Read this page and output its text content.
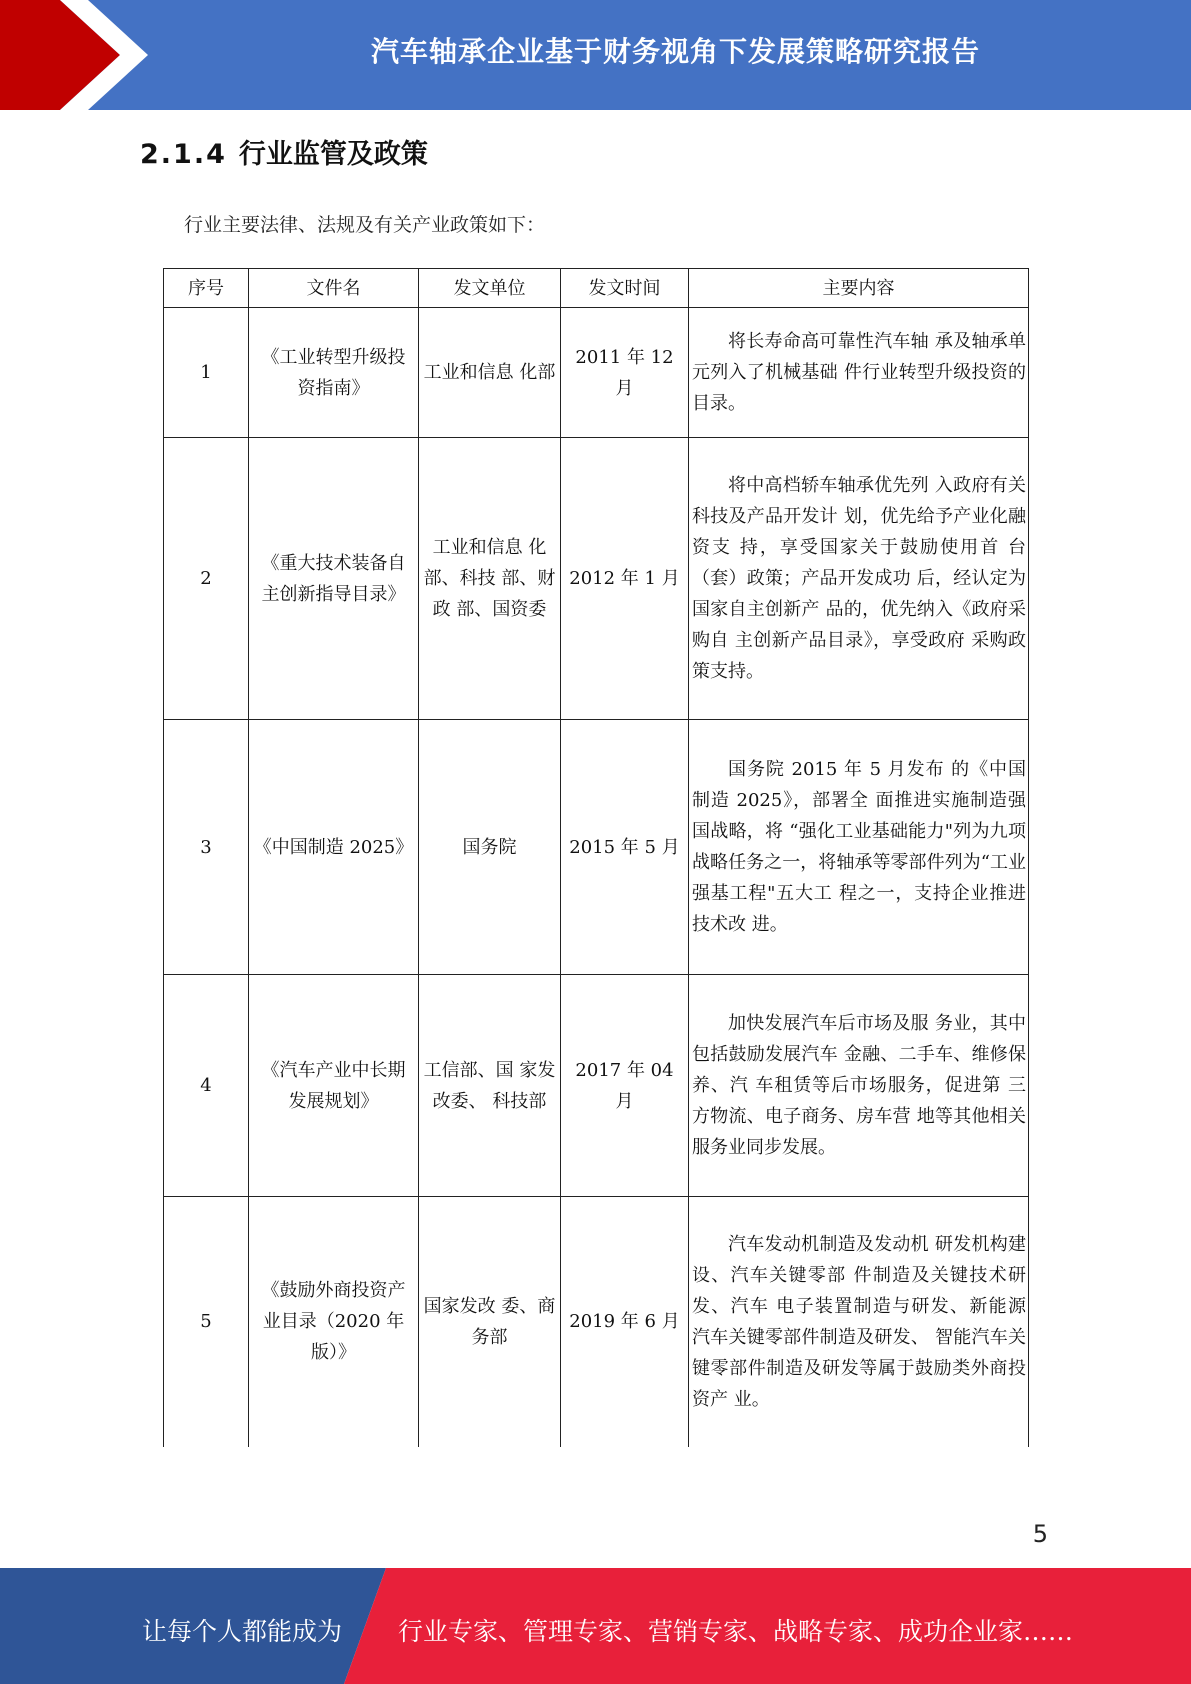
汽车轴承企业基于财务视角下发展策略研究报告
2.1.4 行业监管及政策
行业主要法律、法规及有关产业政策如下：
序号	文件名	发文单位	发文时间	主要内容
1	《工业转型升级投资指南》	工业和信息 化部	2011 年 12 月	将长寿命高可靠性汽车轴 承及轴承单元列入了机械基础 件行业转型升级投资的目录。

2	《重大技术装备自主创新指导目录》	工业和信息 化部、科技 部、财政 部、国资委	2012 年 1 月	将中高档轿车轴承优先列 入政府有关科技及产品开发计 划，优先给予产业化融资支 持，享受国家关于鼓励使用首 台（套）政策；产品开发成功 后，经认定为国家自主创新产 品的，优先纳入《政府采购自 主创新产品目录》，享受政府 采购政策支持。

3	《中国制造 2025》	国务院	2015 年 5 月	国务院 2015 年 5 月发布 的《中国制造 2025》，部署全 面推进实施制造强国战略，将 “强化工业基础能力"列为九项 战略任务之一，将轴承等零部件列为“工业强基工程"五大工 程之一，支持企业推进技术改 进。

4	《汽车产业中长期发展规划》	工信部、国 家发改委、 科技部	2017 年 04 月	加快发展汽车后市场及服 务业，其中包括鼓励发展汽车 金融、二手车、维修保养、汽 车租赁等后市场服务，促进第 三方物流、电子商务、房车营 地等其他相关服务业同步发展。

5	《鼓励外商投资产业目录（2020 年版）》	国家发改 委、商务部	2019 年 6 月	汽车发动机制造及发动机 研发机构建设、汽车关键零部 件制造及关键技术研发、汽车 电子装置制造与研发、新能源 汽车关键零部件制造及研发、 智能汽车关键零部件制造及研发等属于鼓励类外商投资产 业。
5
让每个人都能成为 行业专家、管理专家、营销专家、战略专家、成功企业家……
